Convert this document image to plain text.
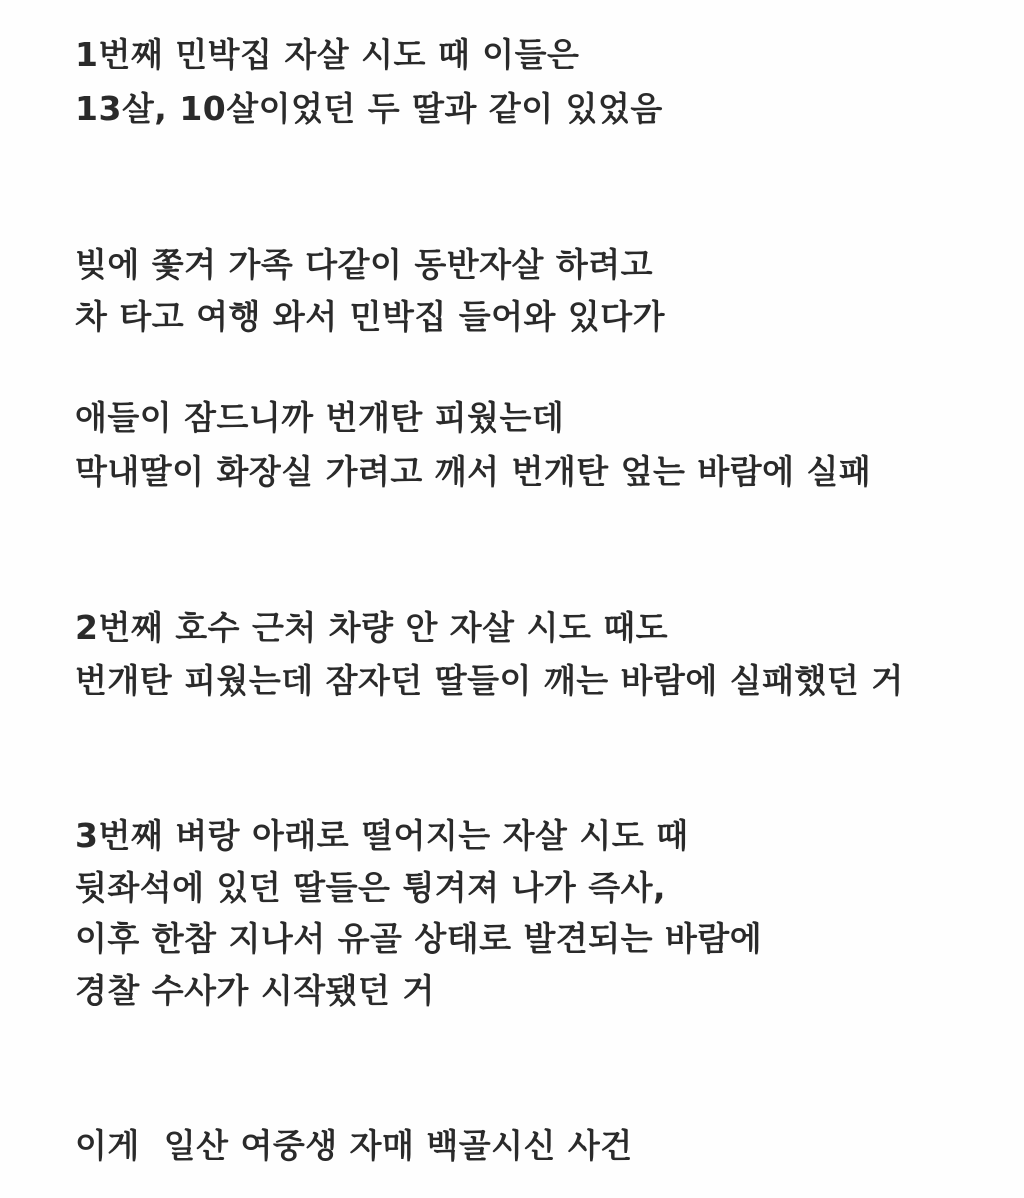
1번째 민박집 자살 시도 때 이들은

13살, 10살이었던 두 딸과 같이 있었음

빚에 쫓겨 가족 다같이 동반자살 하려고

차 타고 여행 와서 민박집 들어와 있다가

애들이 잠드니까 번개탄 피웠는데

막내딸이 화장실 가려고 깨서 번개탄 엎는 바람에 실패

2번째 호수 근처 차량 안 자살 시도 때도

번개탄 피웠는데 잠자던 딸들이 깨는 바람에 실패했던 거

3번째 벼랑 아래로 떨어지는 자살 시도 때

뒷좌석에 있던 딸들은 튕겨져 나가 즉사,

이후 한참 지나서 유골 상태로 발견되는 바람에

경찰 수사가 시작됐던 거

이게  일산 여중생 자매 백골시신 사건
